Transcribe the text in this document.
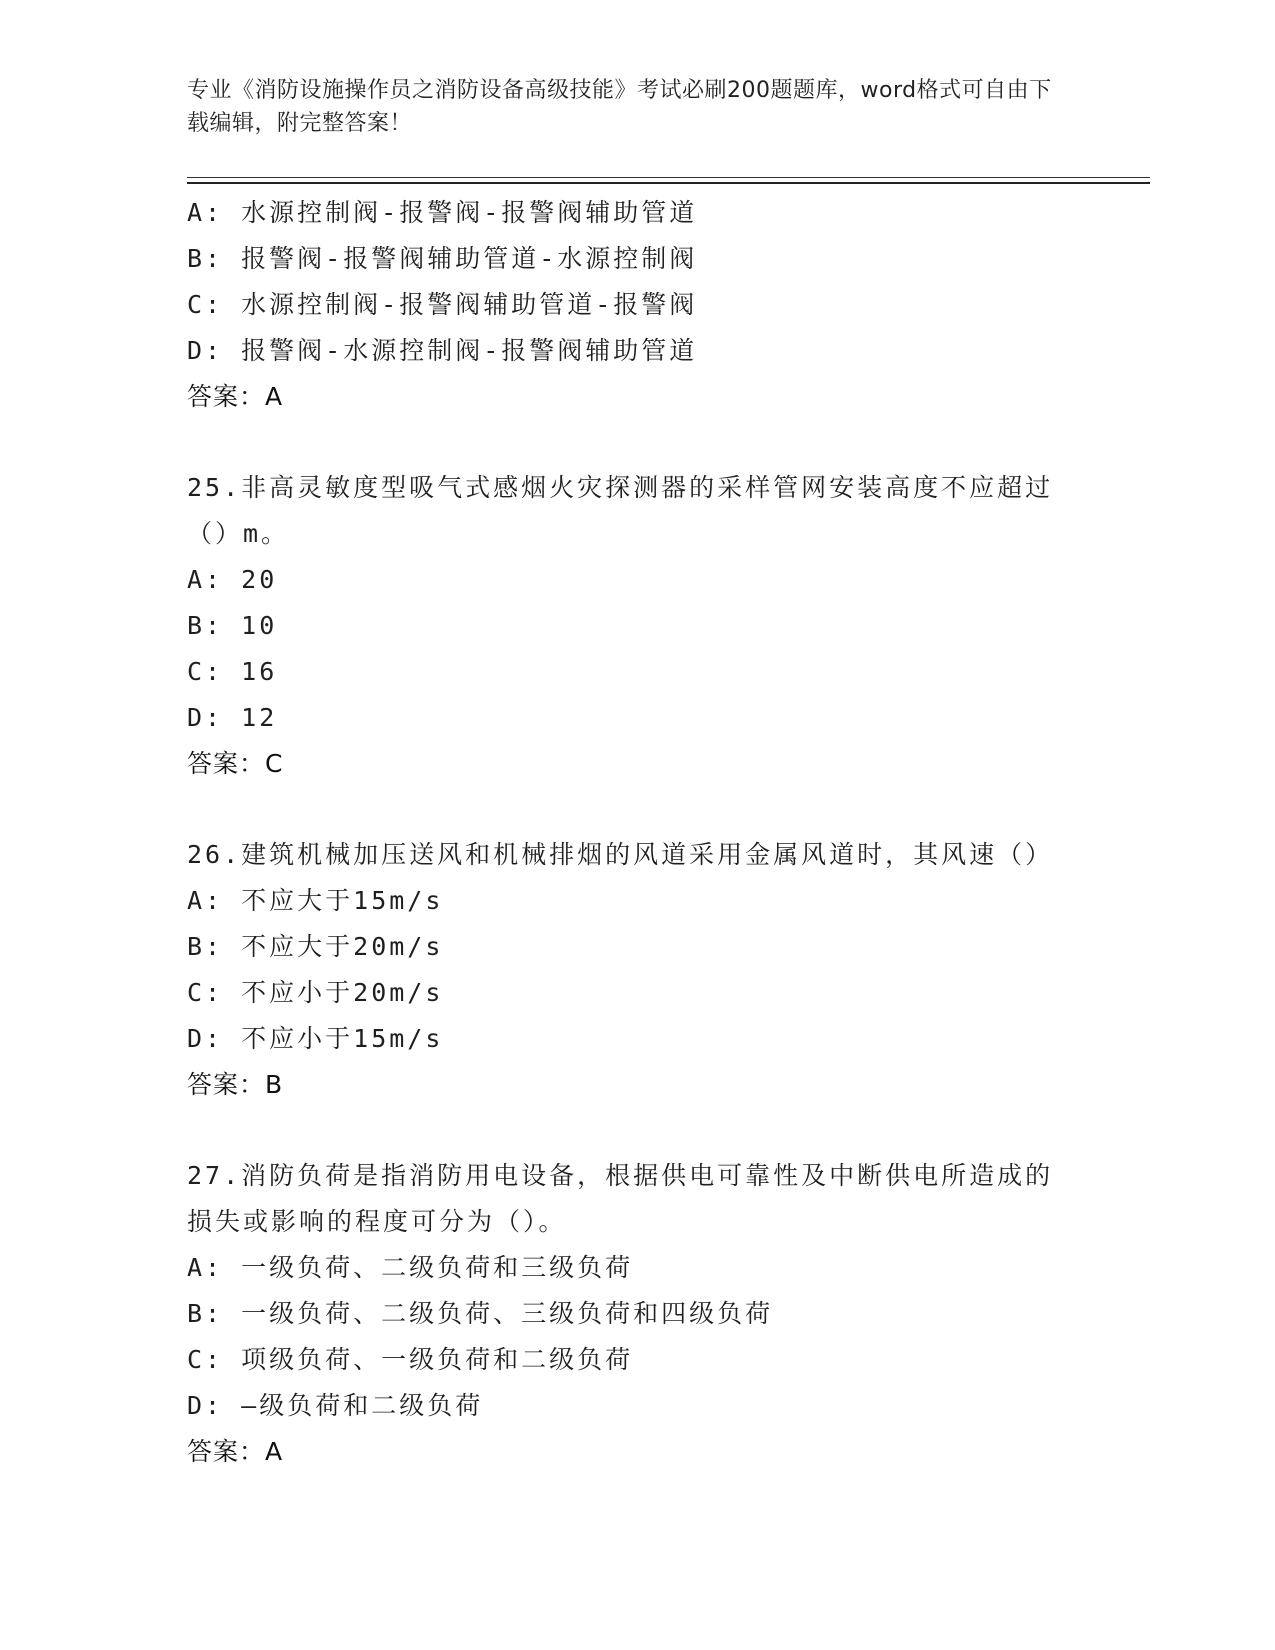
专业《消防设施操作员之消防设备高级技能》考试必刷200题题库，word格式可自由下载编辑，附完整答案！

A: 水源控制阀-报警阀-报警阀辅助管道
B: 报警阀-报警阀辅助管道-水源控制阀
C: 水源控制阀-报警阀辅助管道-报警阀
D: 报警阀-水源控制阀-报警阀辅助管道
答案：A
25.非高灵敏度型吸气式感烟火灾探测器的采样管网安装高度不应超过
（）m。
A: 20
B: 10
C: 16
D: 12
答案：C
26.建筑机械加压送风和机械排烟的风道采用金属风道时，其风速（）
A: 不应大于15m/s
B: 不应大于20m/s
C: 不应小于20m/s
D: 不应小于15m/s
答案：B
27.消防负荷是指消防用电设备，根据供电可靠性及中断供电所造成的
损失或影响的程度可分为（）。
A: 一级负荷、二级负荷和三级负荷
B: 一级负荷、二级负荷、三级负荷和四级负荷
C: 项级负荷、一级负荷和二级负荷
D: —级负荷和二级负荷
答案：A
